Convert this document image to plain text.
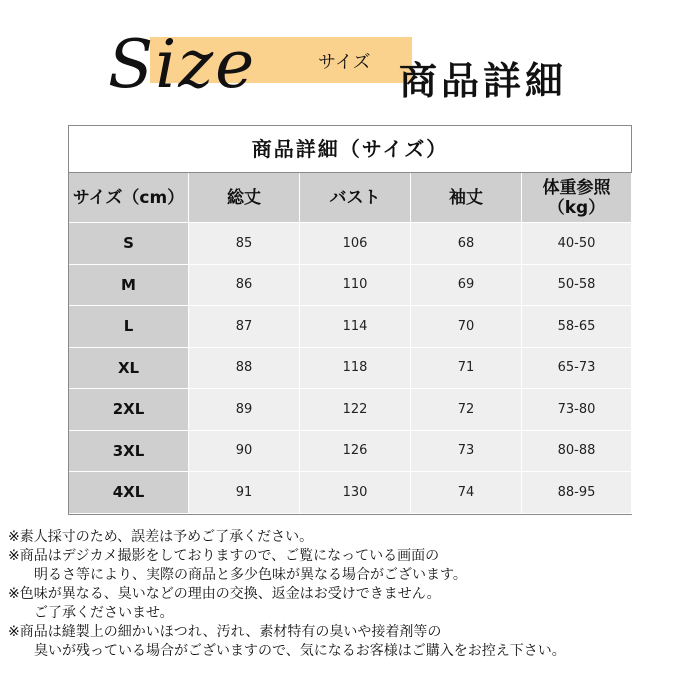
Size	サイズ 商品詳細
商品詳細（サイズ）
サイズ（cm）	総丈	バスト	袖丈	体重参照
（kg）
S	85	106	68	40-50
M	86	110	69	50-58
L	87	114	70	58-65
XL	88	118	71	65-73
2XL	89	122	72	73-80
3XL	90	126	73	80-88
4XL	91	130	74	88-95
※素人採寸のため、誤差は予めご了承ください。
※商品はデジカメ撮影をしておりますので、ご覧になっている画面の
明るさ等により、実際の商品と多少色味が異なる場合がございます。
※色味が異なる、臭いなどの理由の交換、返金はお受けできません。
ご了承くださいませ。
※商品は縫製上の細かいほつれ、汚れ、素材特有の臭いや接着剤等の
臭いが残っている場合がございますので、気になるお客様はご購入をお控え下さい。
